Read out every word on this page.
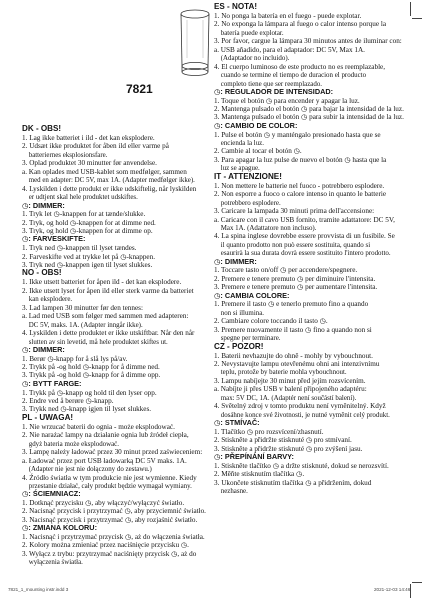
7821
DK - OBS!
1. Lag ikke batteriet i ild - det kan eksplodere.
2. Udsæt ikke produktet for åben ild eller varme på
batteriernes eksplosionsfare.
3. Oplad produktet 30 minutter før anvendelse.
a. Kan oplades med USB-kablet som medfølger, sammen
med en adapter: DC 5V, max 1A. (Adapter medfølger ikke).
4. Lyskilden i dette produkt er ikke udskiftelig, når lyskilden
er udtjent skal hele produktet udskiftes.
◷: DIMMER:
1. Tryk let ◷-knappen for at tænde/slukke.
2. Tryk, og hold ◷-knappen for at dimme ned.
3. Tryk, og hold ◷-knappen for at dimme op.
◷: FARVESKIFTE:
1. Tryk ned ◷-knappen til lyset tændes.
2. Farveskifte ved at trykke let på ◷-knappen.
3. Tryk ned ◷-knappen igen til lyset slukkes.
NO - OBS!
1. Ikke utsett batteriet for åpen ild - det kan eksplodere.
2. Ikke utsett lyset for åpen ild eller sterk varme da batteriet
kan eksplodere.
3. Lad lampen 30 minutter før den tennes:
a. Lad med USB som følger med sammen med adapteren:
DC 5V, maks. 1A. (Adapter inngår ikke).
4. Lyskilden i dette produktet er ikke utskiftbar. Når den når
slutten av sin levetid, må hele produktet skiftes ut.
◷: DIMMER:
1. Berør ◷-knapp for å slå lys på/av.
2. Trykk på -og hold ◷-knapp for å dimme ned.
3. Trykk på -og hold ◷-knapp for å dimme opp.
◷: BYTT FARGE:
1. Trykk på ◷-knapp og hold til den lyser opp.
2. Endre ved å berøre ◷-knapp.
3. Trykk ned ◷-knapp igjen til lyset slukkes.
PL - UWAGA!
1. Nie wrzucać baterii do ognia - może eksplodować.
2. Nie narażać lampy na działanie ognia lub źródeł ciepła,
gdyż bateria może eksplodować.
3. Lampę należy ładować przez 30 minut przed zaświeceniem:
a. Ładować przez port USB ładowarką DC 5V maks. 1A.
(Adapter nie jest nie dołączony do zestawu.)
4. Źródło światła w tym produkcie nie jest wymienne. Kiedy
przestanie działać, cały produkt będzie wymagał wymiany.
◷: ŚCIEMNIACZ:
1. Dotknąć przycisku ◷, aby włączyć/wyłączyć światło.
2. Nacisnąć przycisk i przytrzymać ◷, aby przyciemnić światło.
3. Nacisnąć przycisk i przytrzymać ◷, aby rozjaśnić światło.
◷: ZMIANA KOLORU:
1. Nacisnąć i przytrzymać przycisk ◷, aż do włączenia światła.
2. Kolory można zmieniać przez naciśnięcie przycisku ◷.
3. Wyłącz z trybu: przytrzymać naciśnięty przycisk ◷, aż do
wyłączenia światła.
ES - NOTA!
1. No ponga la batería en el fuego - puede explotar.
2. No exponga la lámpara al fuego o calor intenso porque la
batería puede explotar.
3. Por favor, cargue la lámpara 30 minutos antes de iluminar con:
a. USB añadido, para el adaptador: DC 5V, Max 1A.
(Adaptador no incluido).
4. El cuerpo luminoso de este producto no es reemplazable,
cuando se termine el tiempo de duracion el producto
completo tiene que ser reemplazado.
◷: REGULADOR DE INTENSIDAD:
1. Toque el botón ◷ para encender y apagar la luz.
2. Mantenga pulsado el botón ◷ para bajar la intensidad de la luz.
3. Mantenga pulsado el botón ◷ para subir la intensidad de la luz.
◷: CAMBIO DE COLOR:
1. Pulse el botón ◷ y manténgalo presionado hasta que se
encienda la luz.
2. Cambie al tocar el botón ◷.
3. Para apagar la luz pulse de nuevo el botón ◷ hasta que la
luz se apague.
IT - ATTENZIONE!
1. Non mettere le batterie nel fuoco - potrebbero esplodere.
2. Non esporre a fuoco o calore intenso in quanto le batterie
potrebbero esplodere.
3. Caricare la lampada 30 minuti prima dell'accensione:
a. Caricare con il cavo USB fornito, tramite adattatore: DC 5V,
Max 1A. (Adattatore non incluso).
4. La spina inglese dovrebbe essere provvista di un fusibile. Se
il quanto prodotto non può essere sostituita, quando si
esaurirà la sua durata dovrà essere sostituito l'intero prodotto.
◷: DIMMER:
1. Toccare tasto on/off ◷ per accendere/spegnere.
2. Premere e tenere premuto ◷ per diminuire l'intensita.
3. Premere e tenere premuto ◷ per aumentare l'intensita.
◷: CAMBIA COLORE:
1. Premere il tasto ◷ e tenerlo premuto fino a quando
non si illumina.
2. Cambiare colore toccando il tasto ◷.
3. Premere nuovamente il tasto ◷ fino a quando non si
spegne per terminare.
CZ - POZOR!
1. Baterii nevhazujte do ohně - mohly by vybouchnout.
2. Nevystavujte lampu otevřenému ohni ani intenzivnímu
teplu, protože by baterie mohla vybouchnout.
3. Lampu nabíjejte 30 minut před jejím rozsvícením.
a. Nabíjte ji přes USB v balení připojeného adaptéru:
max: 5V DC, 1A. (Adaptér není součástí balení).
4. Světelný zdroj v tomto produktu není vyměnitelný. Když
dosáhne konce své životnosti, je nutné vyměnit celý produkt.
◷: STMÍVAČ:
1. Tlačítko ◷ pro rozsvícení/zhasnutí.
2. Stiskněte a přidržte stisknuté ◷ pro stmívaní.
3. Stiskněte a přidržte stisknuté ◷ pro zvýšení jasu.
◷: PŘEPÍNÁNÍ BARVY:
1. Stiskněte tlačítko ◷ a držte stisknuté, dokud se nerozsvítí.
2. Měňte stisknutím tlačítka ◷.
3. Ukončete stisknutím tlačítka ◷ a přidržením, dokud
nezhasne.
7821_1_mounting instr.indd 3	2021-12-03 14:46
